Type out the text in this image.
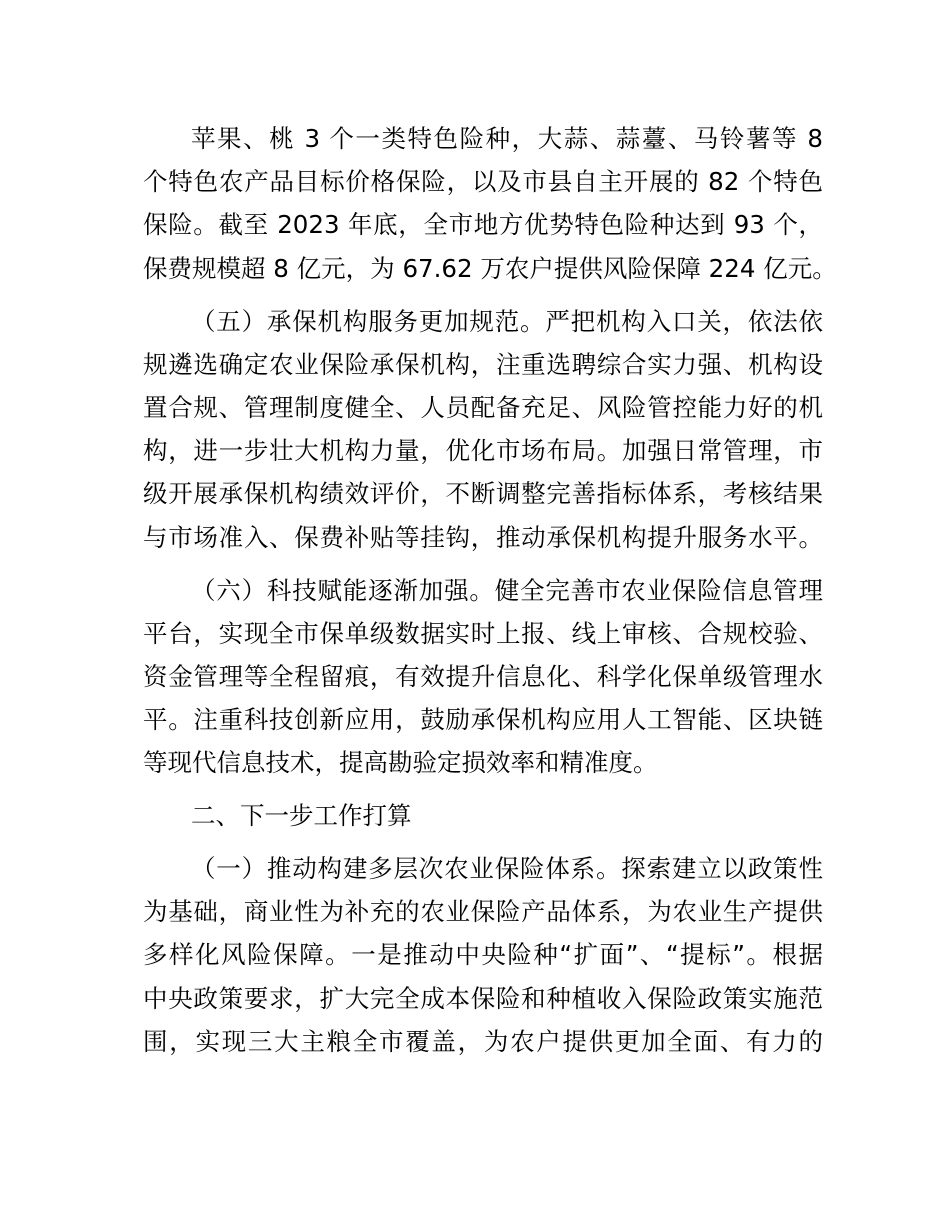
苹果、桃 3 个一类特色险种，大蒜、蒜薹、马铃薯等 8
个特色农产品目标价格保险，以及市县自主开展的 82 个特色
保险。截至 2023 年底，全市地方优势特色险种达到 93 个，
保费规模超 8 亿元，为 67.62 万农户提供风险保障 224 亿元。
（五）承保机构服务更加规范。严把机构入口关，依法依
规遴选确定农业保险承保机构，注重选聘综合实力强、机构设
置合规、管理制度健全、人员配备充足、风险管控能力好的机
构，进一步壮大机构力量，优化市场布局。加强日常管理，市
级开展承保机构绩效评价，不断调整完善指标体系，考核结果
与市场准入、保费补贴等挂钩，推动承保机构提升服务水平。
（六）科技赋能逐渐加强。健全完善市农业保险信息管理
平台，实现全市保单级数据实时上报、线上审核、合规校验、
资金管理等全程留痕，有效提升信息化、科学化保单级管理水
平。注重科技创新应用，鼓励承保机构应用人工智能、区块链
等现代信息技术，提高勘验定损效率和精准度。
二、下一步工作打算
（一）推动构建多层次农业保险体系。探索建立以政策性
为基础，商业性为补充的农业保险产品体系，为农业生产提供
多样化风险保障。一是推动中央险种“扩面”、“提标”。根据
中央政策要求，扩大完全成本保险和种植收入保险政策实施范
围，实现三大主粮全市覆盖，为农户提供更加全面、有力的
